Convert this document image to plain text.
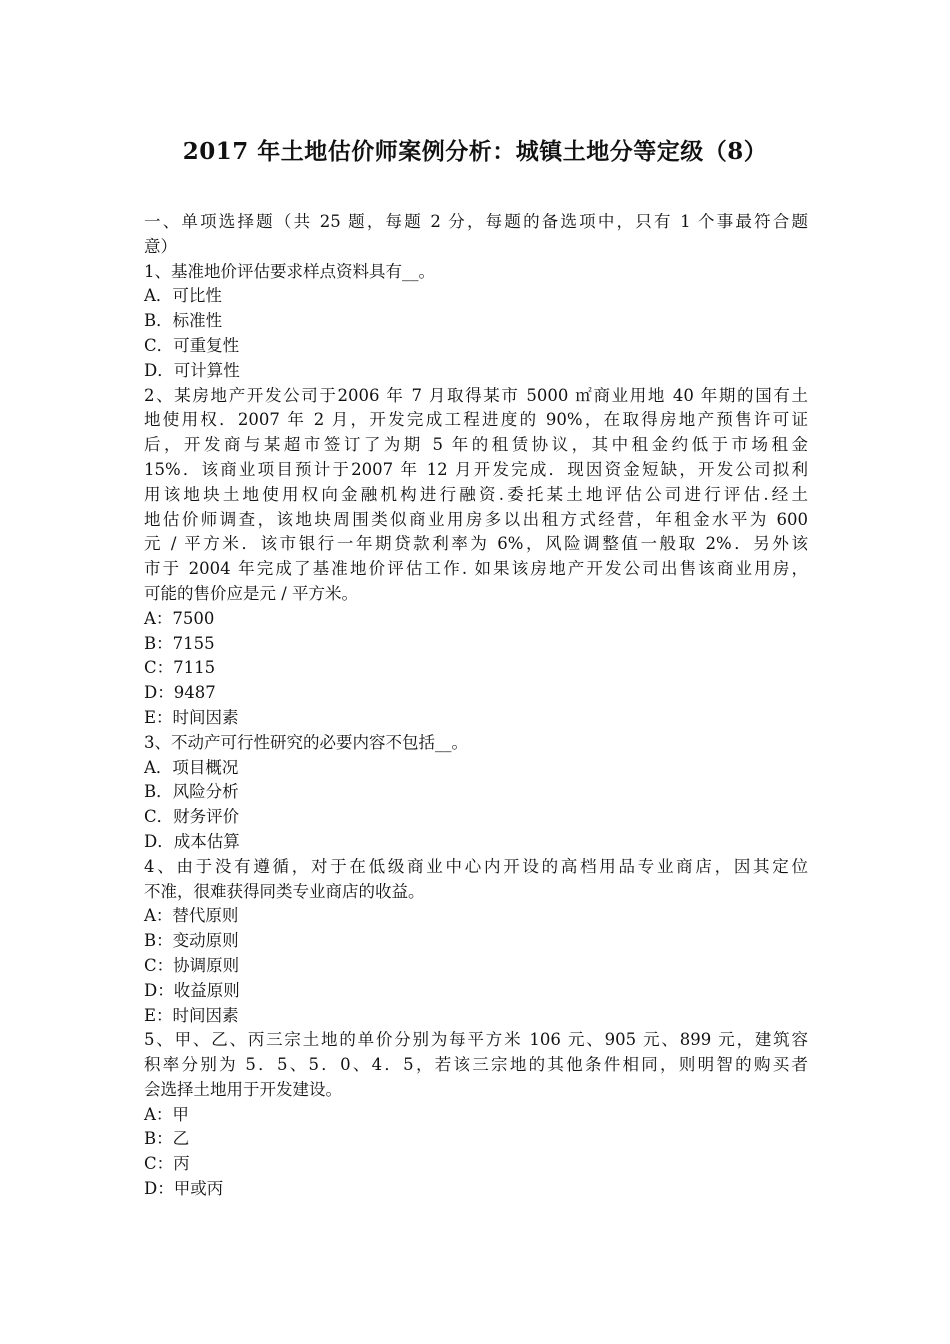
2017 年土地估价师案例分析：城镇土地分等定级（8）
一、单项选择题（共 25 题，每题 2 分，每题的备选项中，只有 1 个事最符合题
意）
1、基准地价评估要求样点资料具有__。
A．可比性
B．标准性
C．可重复性
D．可计算性
2、某房地产开发公司于2006 年 7 月取得某市 5000 ㎡商业用地 40 年期的国有土
地使用权．2007 年 2 月，开发完成工程进度的 90%，在取得房地产预售许可证
后，开发商与某超市签订了为期 5 年的租赁协议，其中租金约低于市场租金
15%．该商业项目预计于2007 年 12 月开发完成．现因资金短缺，开发公司拟利
用该地块土地使用权向金融机构进行融资.委托某土地评估公司进行评估.经土
地估价师调查，该地块周围类似商业用房多以出租方式经营，年租金水平为 600
元 / 平方米．该市银行一年期贷款利率为 6%，风险调整值一般取 2%．另外该
市于 2004 年完成了基准地价评估工作. 如果该房地产开发公司出售该商业用房，
可能的售价应是元 / 平方米。
A：7500
B：7155
C：7115
D：9487
E：时间因素
3、不动产可行性研究的必要内容不包括__。
A．项目概况
B．风险分析
C．财务评价
D．成本估算
4、由于没有遵循，对于在低级商业中心内开设的高档用品专业商店，因其定位
不准，很难获得同类专业商店的收益。
A：替代原则
B：变动原则
C：协调原则
D：收益原则
E：时间因素
5、甲、乙、丙三宗土地的单价分别为每平方米 106 元、905 元、899 元，建筑容
积率分别为 5．5、5．0、4．5，若该三宗地的其他条件相同，则明智的购买者
会选择土地用于开发建设。
A：甲
B：乙
C：丙
D：甲或丙
